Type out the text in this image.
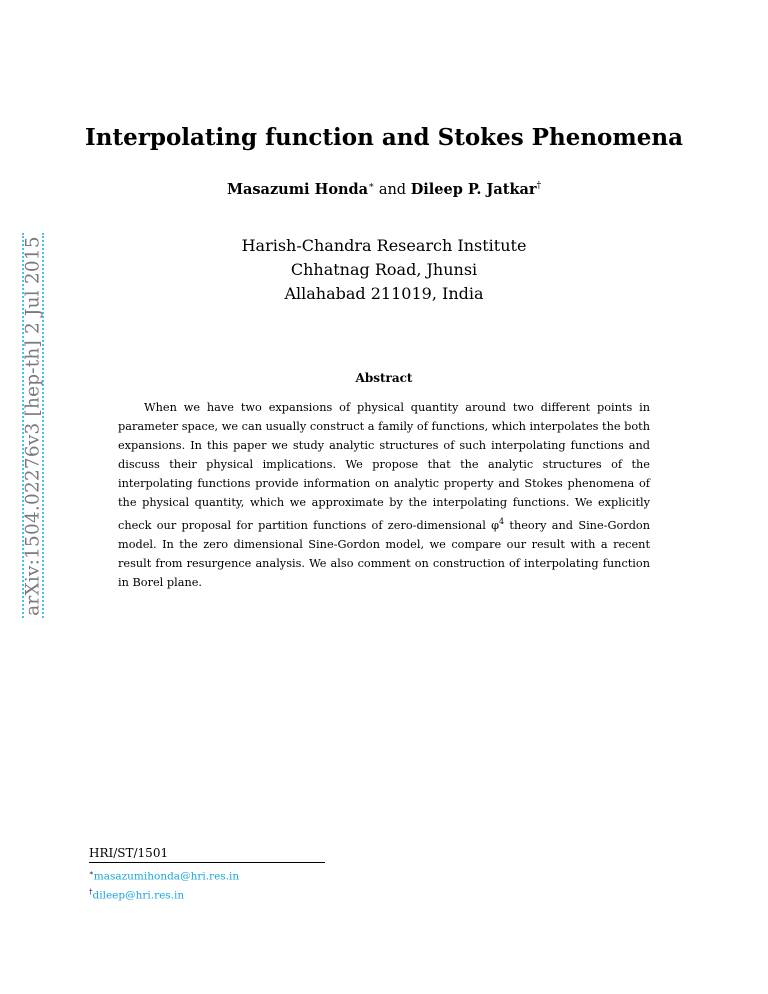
arXiv:1504.02276v3 [hep-th] 2 Jul 2015
Interpolating function and Stokes Phenomena
Masazumi Honda∗ and Dileep P. Jatkar†
Harish-Chandra Research Institute
Chhatnag Road, Jhunsi
Allahabad 211019, India
Abstract
When we have two expansions of physical quantity around two different points in parameter space, we can usually construct a family of functions, which interpolates the both expansions. In this paper we study analytic structures of such interpolating functions and discuss their physical implications. We propose that the analytic structures of the interpolating functions provide information on analytic property and Stokes phenomena of the physical quantity, which we approximate by the interpolating functions. We explicitly check our proposal for partition functions of zero-dimensional $\varphi^4$ theory and Sine-Gordon model. In the zero dimensional Sine-Gordon model, we compare our result with a recent result from resurgence analysis. We also comment on construction of interpolating function in Borel plane.
HRI/ST/1501
∗masazumihonda@hri.res.in
†dileep@hri.res.in
